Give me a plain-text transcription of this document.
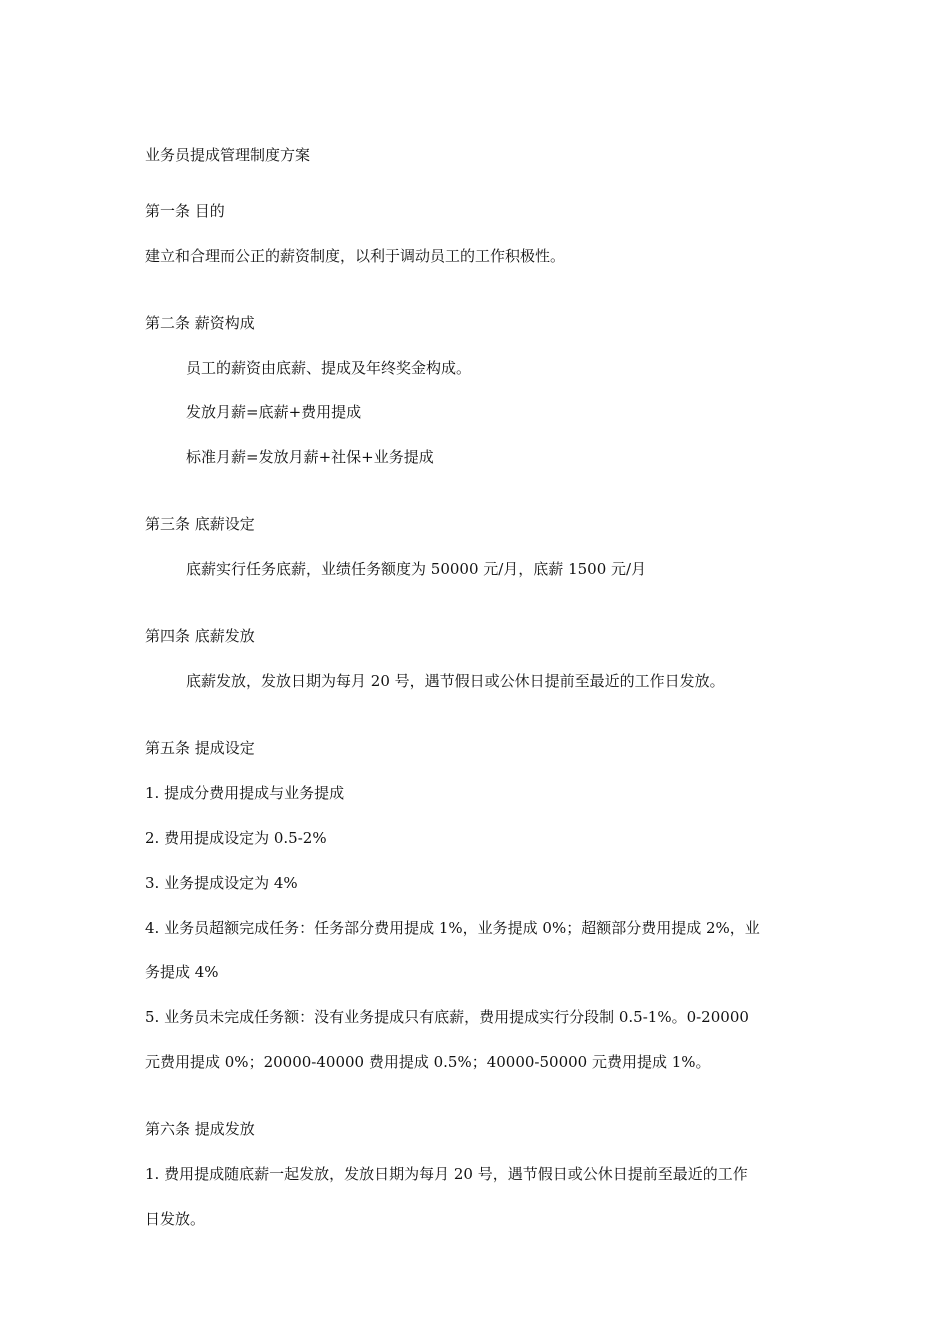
业务员提成管理制度方案
第一条 目的
建立和合理而公正的薪资制度，以利于调动员工的工作积极性。
第二条 薪资构成
员工的薪资由底薪、提成及年终奖金构成。
发放月薪=底薪+费用提成
标准月薪=发放月薪+社保+业务提成
第三条 底薪设定
底薪实行任务底薪，业绩任务额度为 50000 元/月，底薪 1500 元/月
第四条 底薪发放
底薪发放，发放日期为每月 20 号，遇节假日或公休日提前至最近的工作日发放。
第五条 提成设定
1. 提成分费用提成与业务提成
2. 费用提成设定为 0.5-2%
3. 业务提成设定为 4%
4. 业务员超额完成任务：任务部分费用提成 1%，业务提成 0%；超额部分费用提成 2%，业
务提成 4%
5. 业务员未完成任务额：没有业务提成只有底薪，费用提成实行分段制 0.5-1%。0-20000
元费用提成 0%；20000-40000 费用提成 0.5%；40000-50000 元费用提成 1%。
第六条 提成发放
1. 费用提成随底薪一起发放，发放日期为每月 20 号，遇节假日或公休日提前至最近的工作
日发放。
